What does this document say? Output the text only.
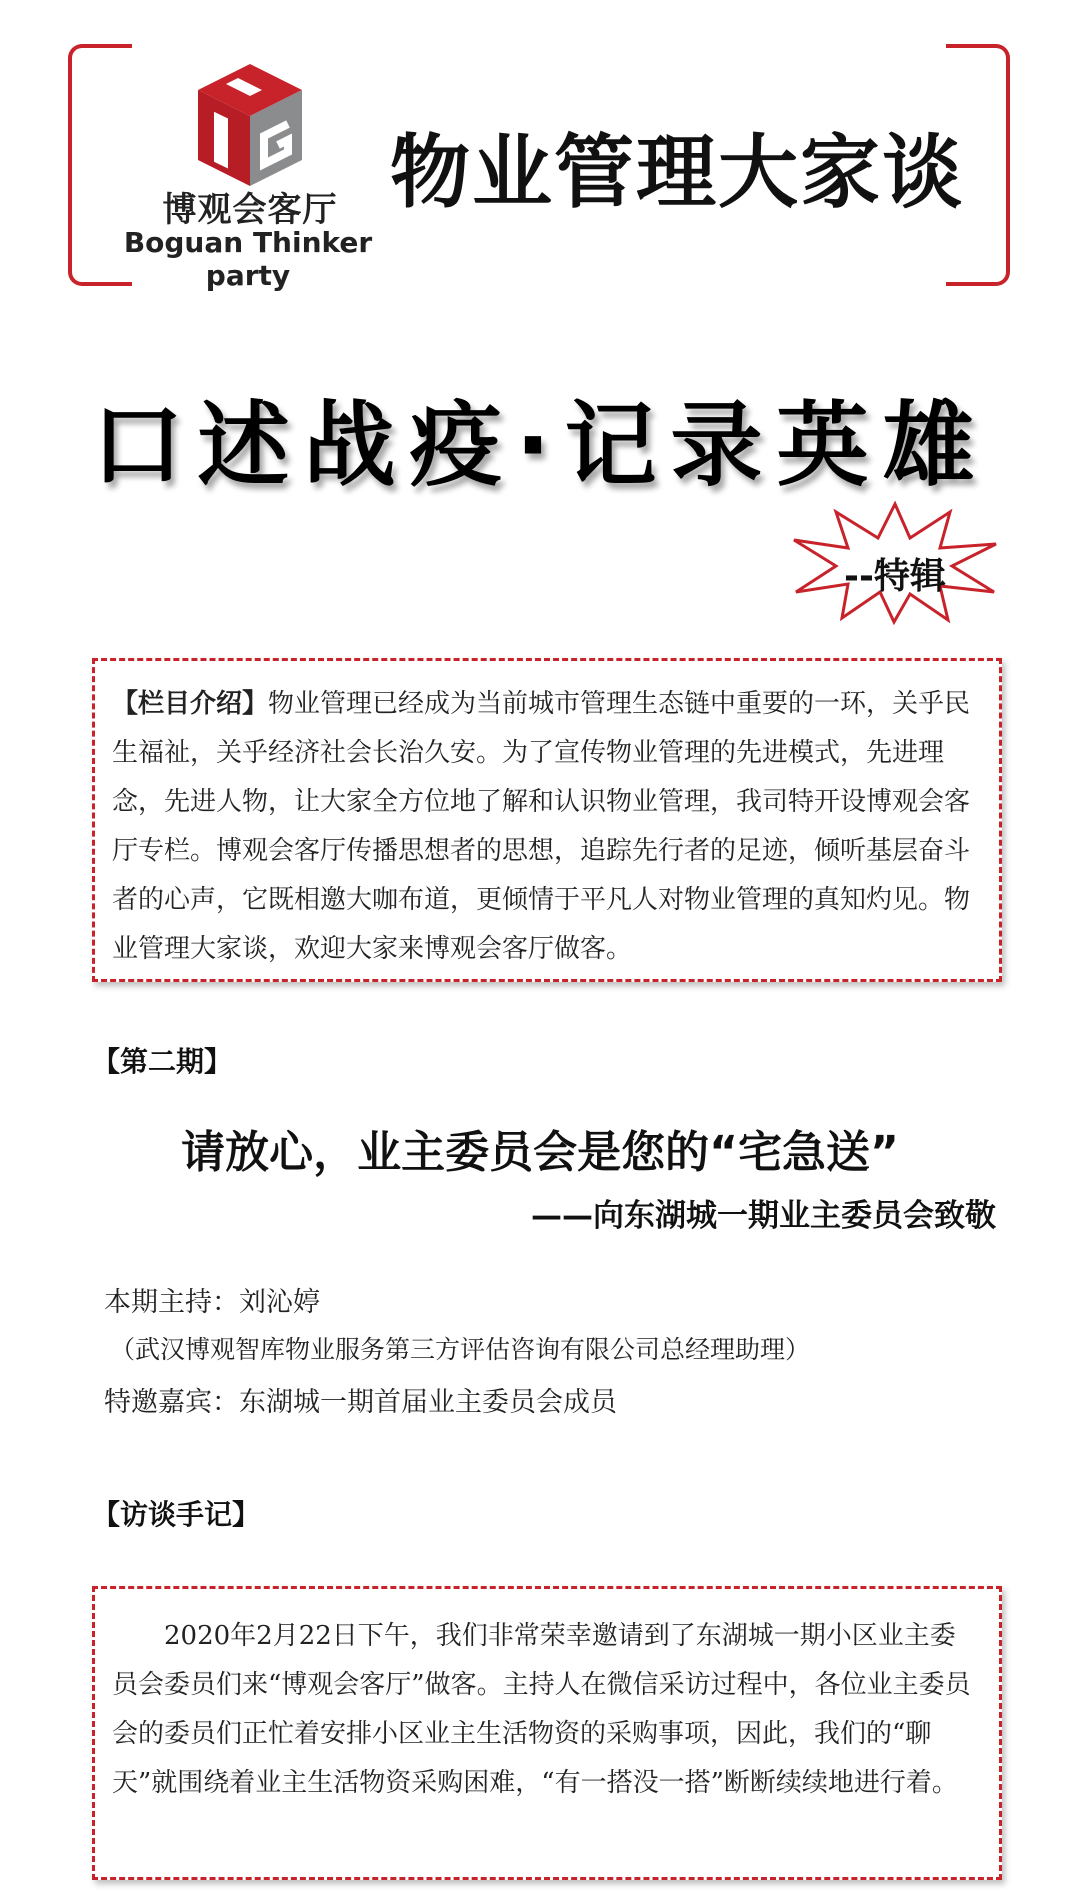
博观会客厅
Boguan Thinker party
物业管理大家谈
口述战疫·记录英雄
--特辑
【栏目介绍】物业管理已经成为当前城市管理生态链中重要的一环，关乎民生福祉，关乎经济社会长治久安。为了宣传物业管理的先进模式，先进理念，先进人物，让大家全方位地了解和认识物业管理，我司特开设博观会客厅专栏。博观会客厅传播思想者的思想，追踪先行者的足迹，倾听基层奋斗者的心声，它既相邀大咖布道，更倾情于平凡人对物业管理的真知灼见。物业管理大家谈，欢迎大家来博观会客厅做客。
【第二期】
请放心，业主委员会是您的“宅急送”
——向东湖城一期业主委员会致敬
本期主持：刘沁婷
（武汉博观智库物业服务第三方评估咨询有限公司总经理助理）
特邀嘉宾：东湖城一期首届业主委员会成员
【访谈手记】
2020年2月22日下午，我们非常荣幸邀请到了东湖城一期小区业主委员会委员们来“博观会客厅”做客。主持人在微信采访过程中，各位业主委员会的委员们正忙着安排小区业主生活物资的采购事项，因此，我们的“聊天”就围绕着业主生活物资采购困难，“有一搭没一搭”断断续续地进行着。
